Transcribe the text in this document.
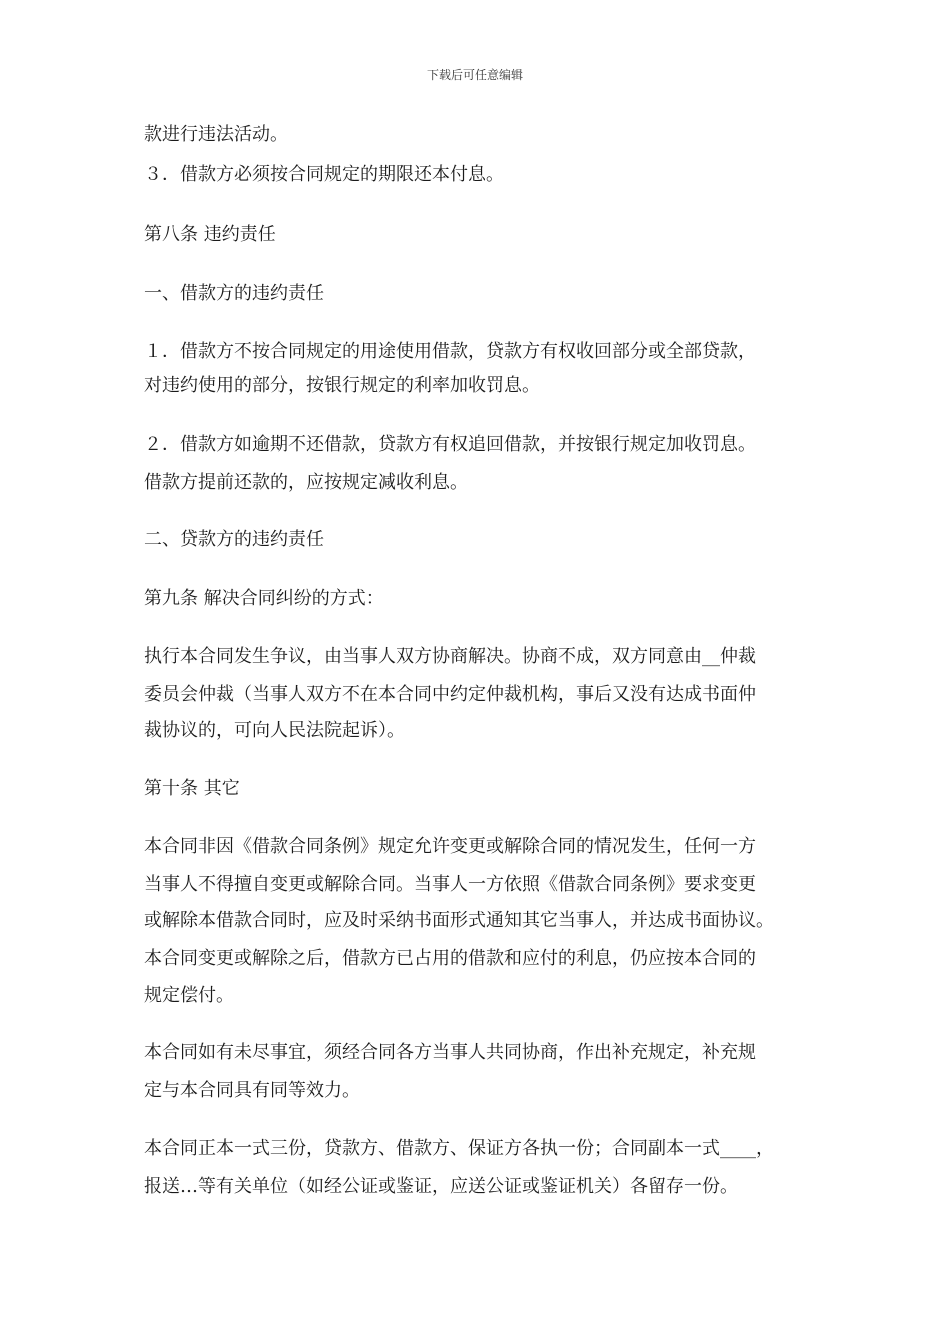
下载后可任意编辑
款进行违法活动。
３．借款方必须按合同规定的期限还本付息。
第八条 违约责任
一、借款方的违约责任
１．借款方不按合同规定的用途使用借款，贷款方有权收回部分或全部贷款，
对违约使用的部分，按银行规定的利率加收罚息。
２．借款方如逾期不还借款，贷款方有权追回借款，并按银行规定加收罚息。
借款方提前还款的，应按规定减收利息。
二、贷款方的违约责任
第九条 解决合同纠纷的方式：
执行本合同发生争议，由当事人双方协商解决。协商不成，双方同意由__仲裁
委员会仲裁（当事人双方不在本合同中约定仲裁机构，事后又没有达成书面仲
裁协议的，可向人民法院起诉）。
第十条 其它
本合同非因《借款合同条例》规定允许变更或解除合同的情况发生，任何一方
当事人不得擅自变更或解除合同。当事人一方依照《借款合同条例》要求变更
或解除本借款合同时，应及时采纳书面形式通知其它当事人，并达成书面协议。
本合同变更或解除之后，借款方已占用的借款和应付的利息，仍应按本合同的
规定偿付。
本合同如有未尽事宜，须经合同各方当事人共同协商，作出补充规定，补充规
定与本合同具有同等效力。
本合同正本一式三份，贷款方、借款方、保证方各执一份；合同副本一式____，
报送…等有关单位（如经公证或鉴证，应送公证或鉴证机关）各留存一份。
